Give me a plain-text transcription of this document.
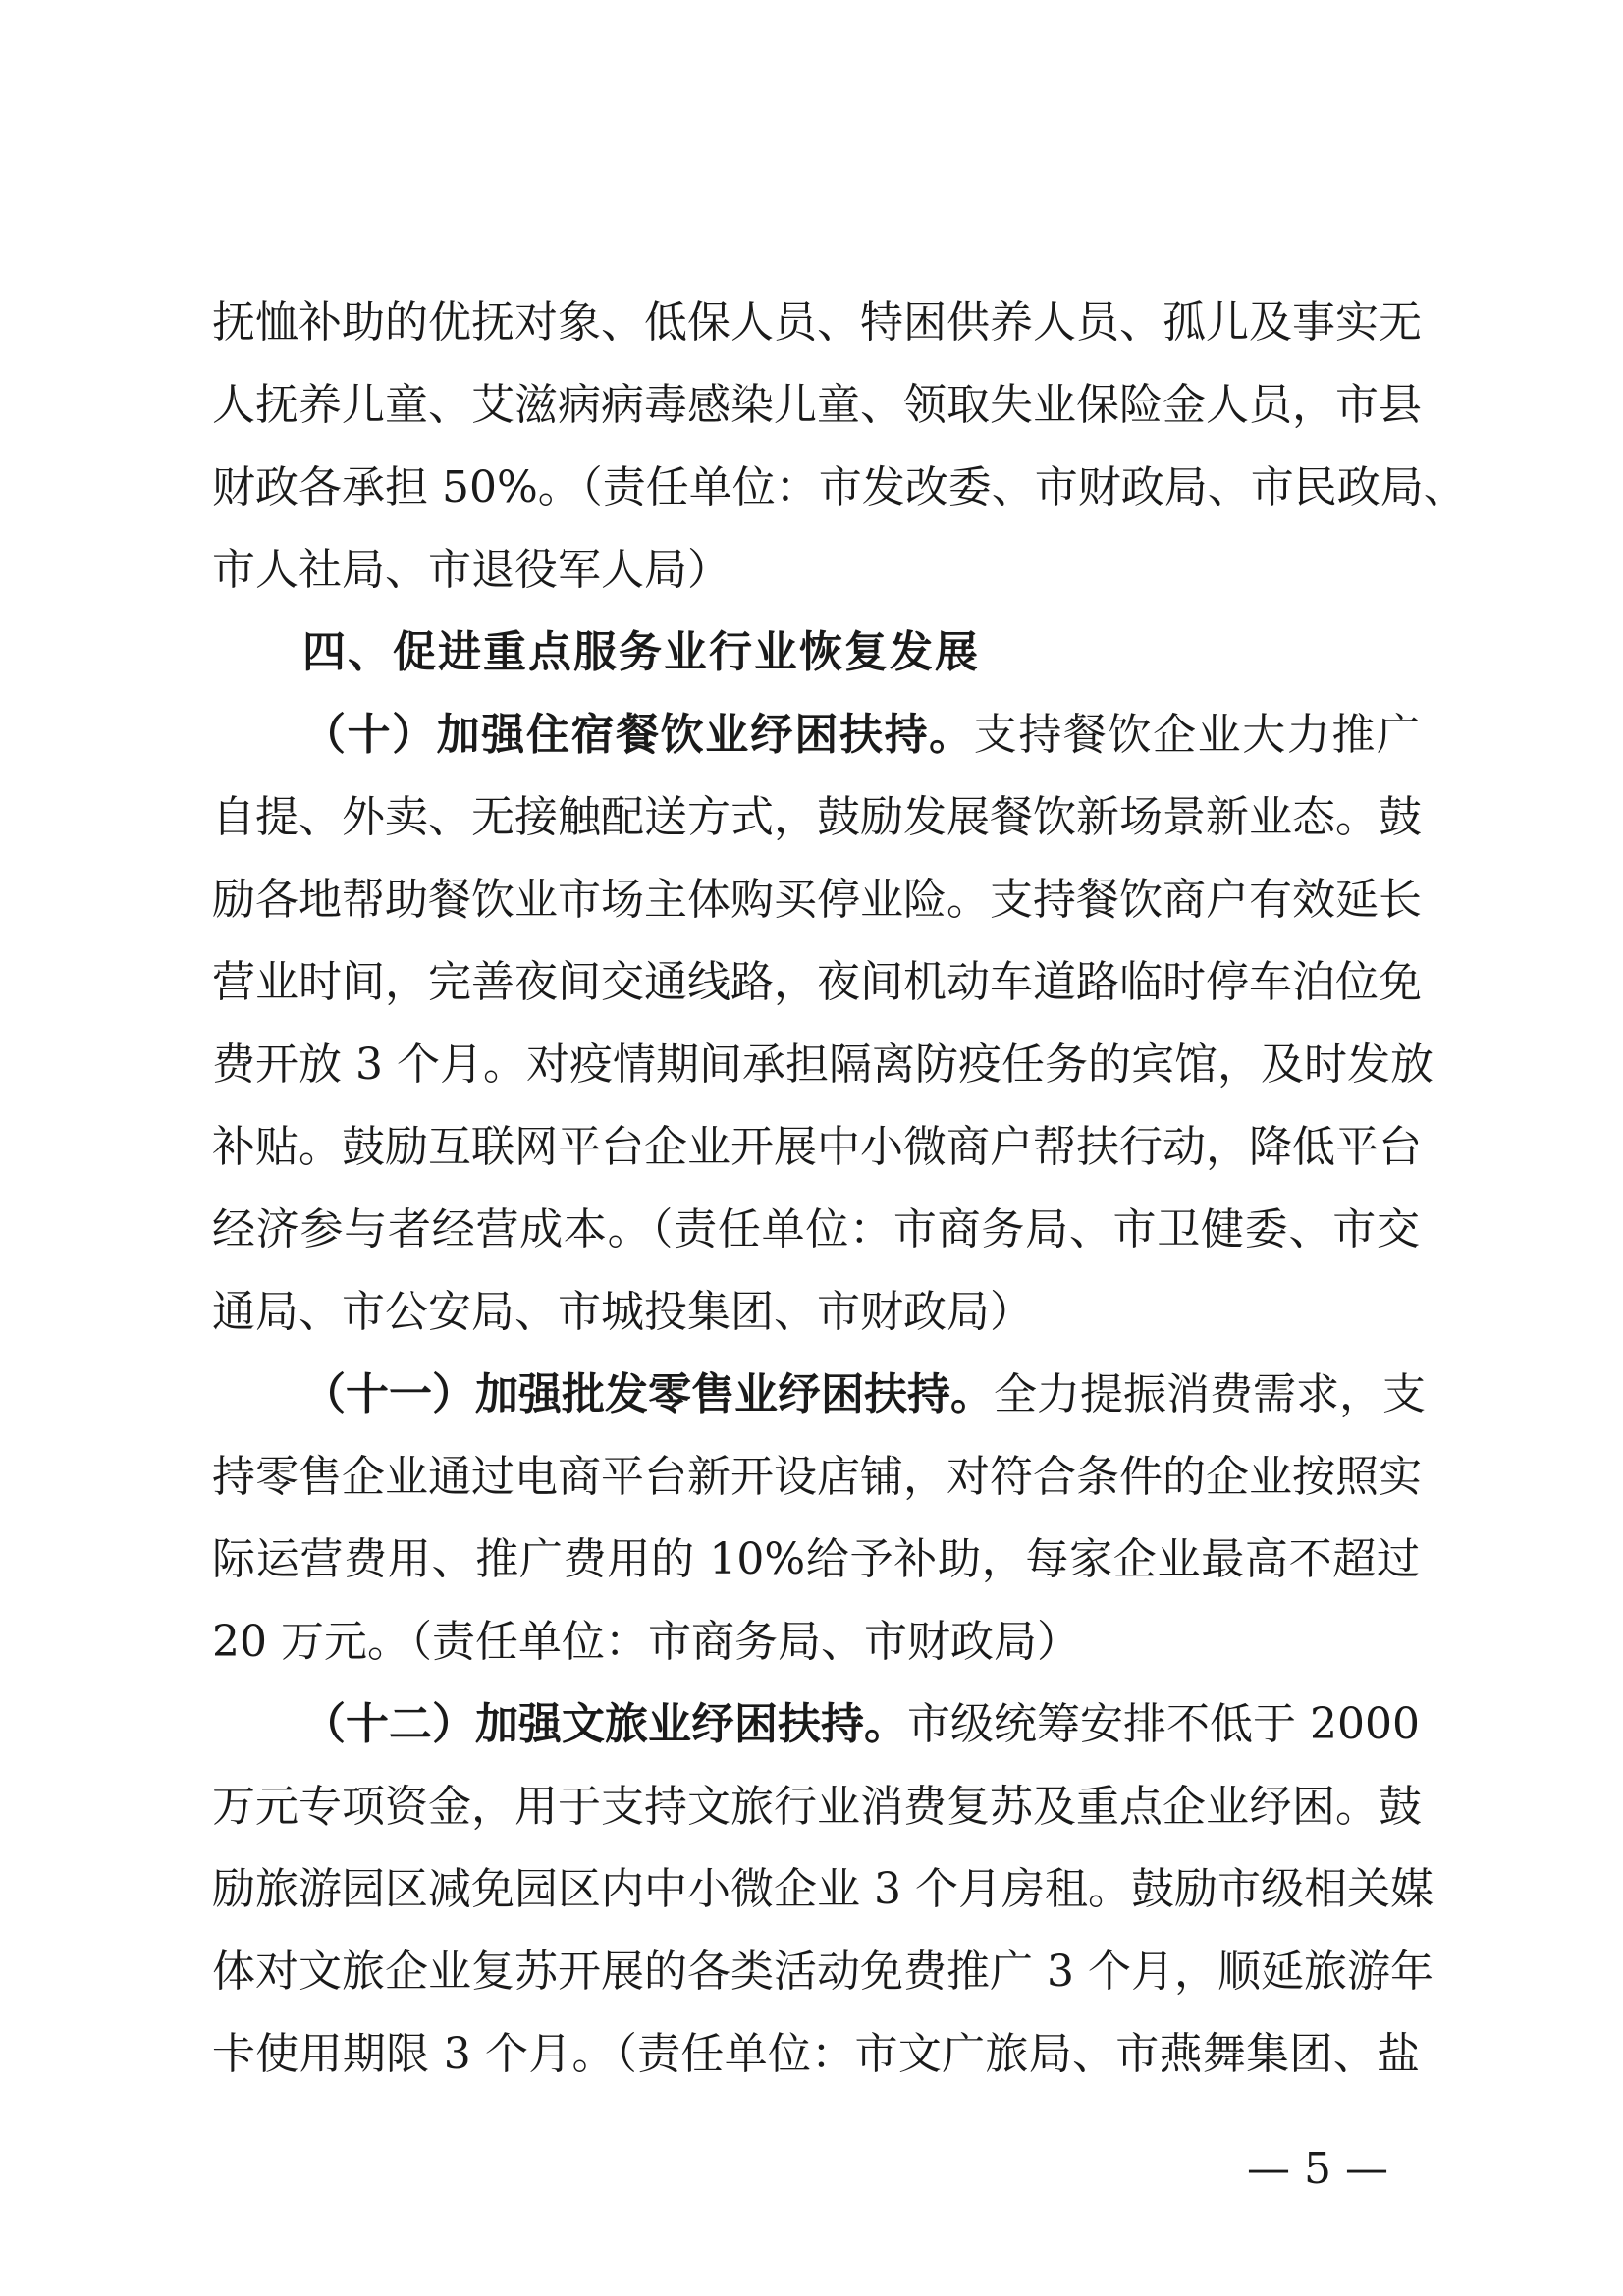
抚恤补助的优抚对象、低保人员、特困供养人员、孤儿及事实无
人抚养儿童、艾滋病病毒感染儿童、领取失业保险金人员，市县
财政各承担 50%。（责任单位：市发改委、市财政局、市民政局、
市人社局、市退役军人局）
四、促进重点服务业行业恢复发展
（十）加强住宿餐饮业纾困扶持。支持餐饮企业大力推广
自提、外卖、无接触配送方式，鼓励发展餐饮新场景新业态。鼓
励各地帮助餐饮业市场主体购买停业险。支持餐饮商户有效延长
营业时间，完善夜间交通线路，夜间机动车道路临时停车泊位免
费开放 3 个月。对疫情期间承担隔离防疫任务的宾馆，及时发放
补贴。鼓励互联网平台企业开展中小微商户帮扶行动，降低平台
经济参与者经营成本。（责任单位：市商务局、市卫健委、市交
通局、市公安局、市城投集团、市财政局）
（十一）加强批发零售业纾困扶持。全力提振消费需求，支
持零售企业通过电商平台新开设店铺，对符合条件的企业按照实
际运营费用、推广费用的 10%给予补助，每家企业最高不超过
20 万元。（责任单位：市商务局、市财政局）
（十二）加强文旅业纾困扶持。市级统筹安排不低于 2000
万元专项资金，用于支持文旅行业消费复苏及重点企业纾困。鼓
励旅游园区减免园区内中小微企业 3 个月房租。鼓励市级相关媒
体对文旅企业复苏开展的各类活动免费推广 3 个月，顺延旅游年
卡使用期限 3 个月。（责任单位：市文广旅局、市燕舞集团、盐
— 5 —
